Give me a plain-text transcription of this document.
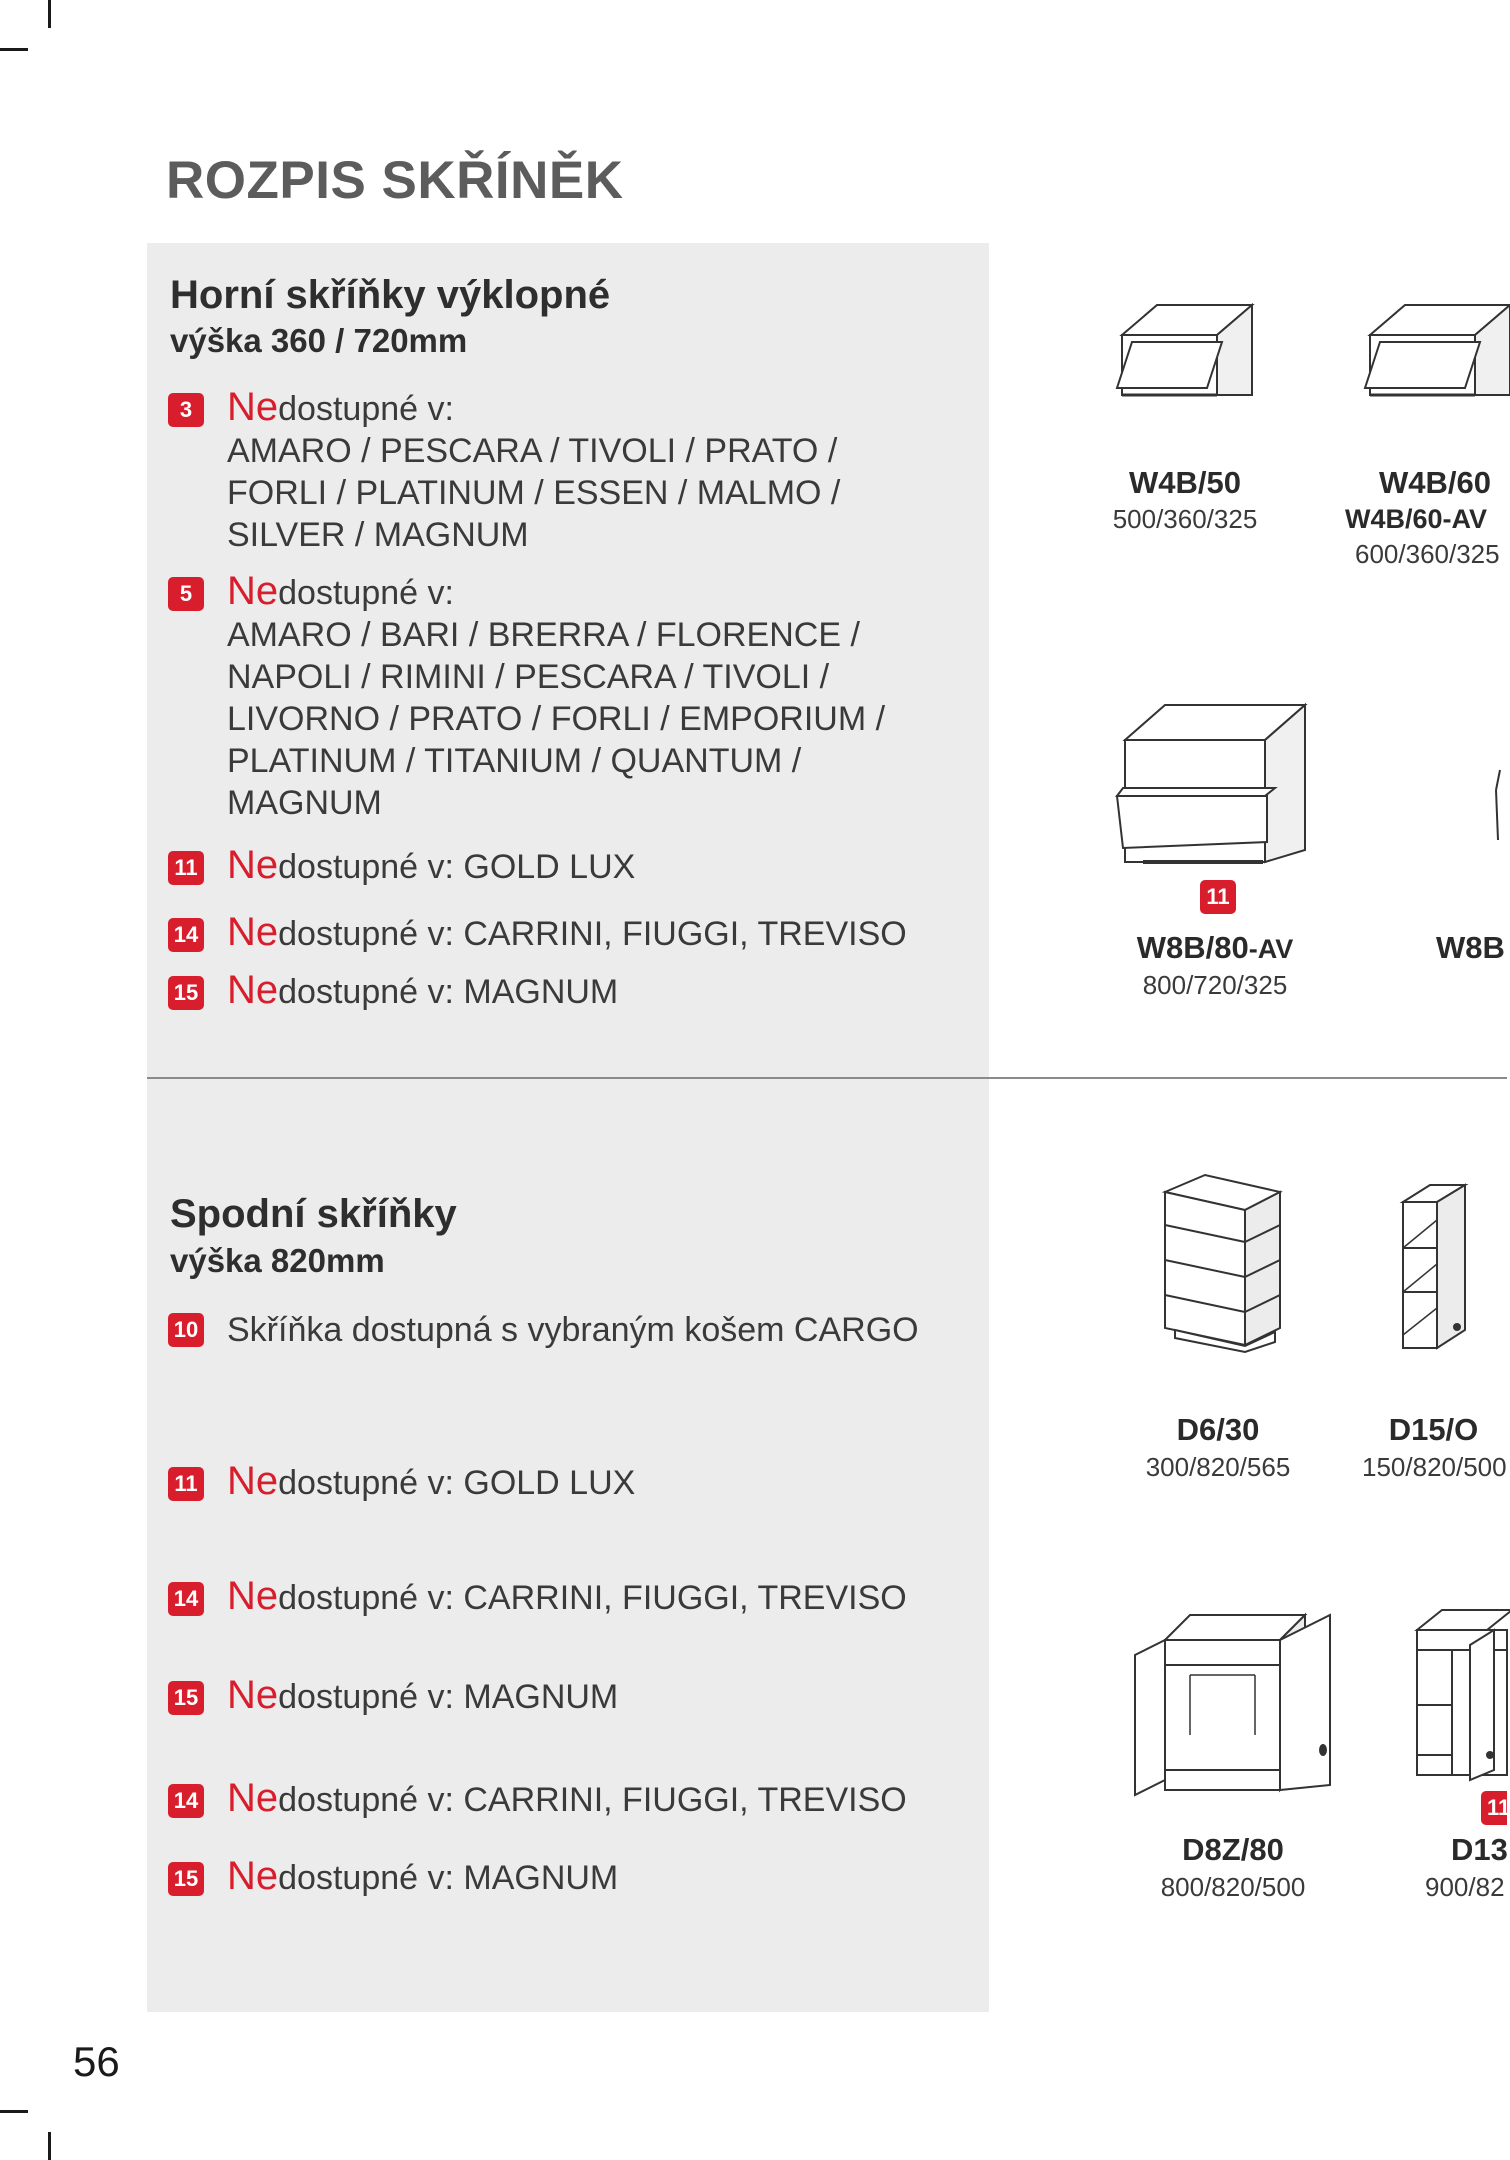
ROZPIS SKŘÍNĚK
Horní skříňky výklopné
výška 360 / 720mm
3 Nedostupné v:
AMARO / PESCARA / TIVOLI / PRATO /
FORLI / PLATINUM / ESSEN / MALMO /
SILVER / MAGNUM
5 Nedostupné v:
AMARO / BARI / BRERRA / FLORENCE /
NAPOLI / RIMINI / PESCARA / TIVOLI /
LIVORNO / PRATO / FORLI / EMPORIUM /
PLATINUM / TITANIUM / QUANTUM /
MAGNUM
11 Nedostupné v: GOLD LUX
14 Nedostupné v: CARRINI, FIUGGI, TREVISO
15 Nedostupné v: MAGNUM
Spodní skříňky
výška 820mm
10 Skříňka dostupná s vybraným košem CARGO
11 Nedostupné v: GOLD LUX
14 Nedostupné v: CARRINI, FIUGGI, TREVISO
15 Nedostupné v: MAGNUM
14 Nedostupné v: CARRINI, FIUGGI, TREVISO
15 Nedostupné v: MAGNUM
W4B/50
500/360/325
W4B/60
W4B/60-AV
600/360/325
11
W8B/80-AV
800/720/325
W8B
D6/30
300/820/565
D15/O
150/820/500
D8Z/80
800/820/500
11
D13
900/82
56
